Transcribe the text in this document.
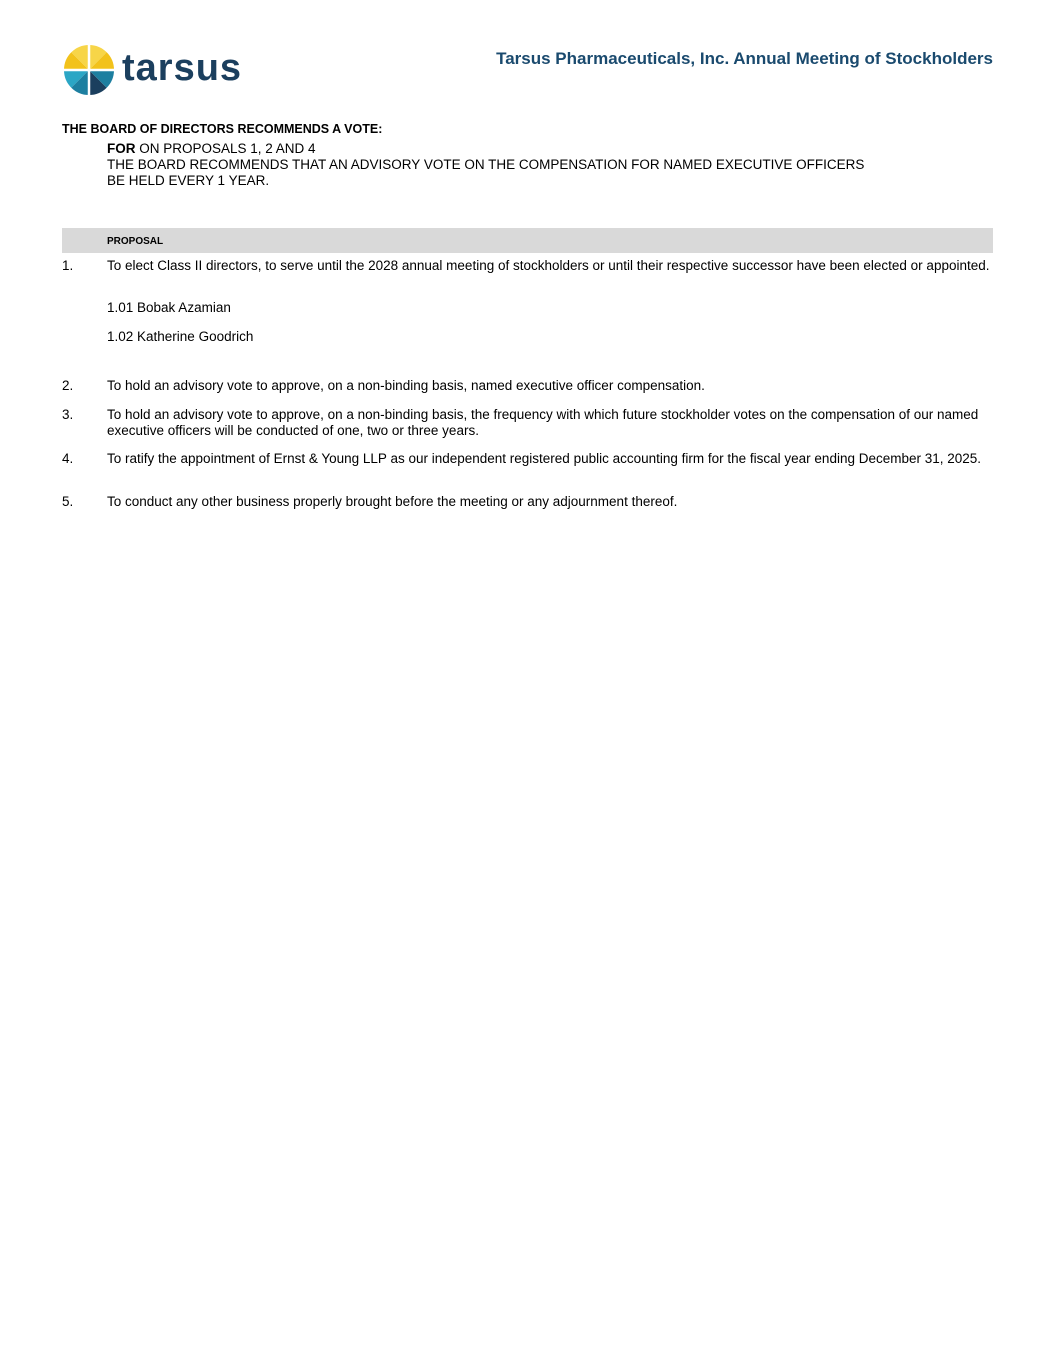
tarsus	Tarsus Pharmaceuticals, Inc. Annual Meeting of Stockholders
THE BOARD OF DIRECTORS RECOMMENDS A VOTE:
FOR ON PROPOSALS 1, 2 AND 4
THE BOARD RECOMMENDS THAT AN ADVISORY VOTE ON THE COMPENSATION FOR NAMED EXECUTIVE OFFICERS
BE HELD EVERY 1 YEAR.
PROPOSAL
1. To elect Class II directors, to serve until the 2028 annual meeting of stockholders or until their respective successor have been elected or appointed.
1.01 Bobak Azamian
1.02 Katherine Goodrich
2. To hold an advisory vote to approve, on a non-binding basis, named executive officer compensation.
3. To hold an advisory vote to approve, on a non-binding basis, the frequency with which future stockholder votes on the compensation of our named executive officers will be conducted of one, two or three years.
4. To ratify the appointment of Ernst & Young LLP as our independent registered public accounting firm for the fiscal year ending December 31, 2025.
5. To conduct any other business properly brought before the meeting or any adjournment thereof.
